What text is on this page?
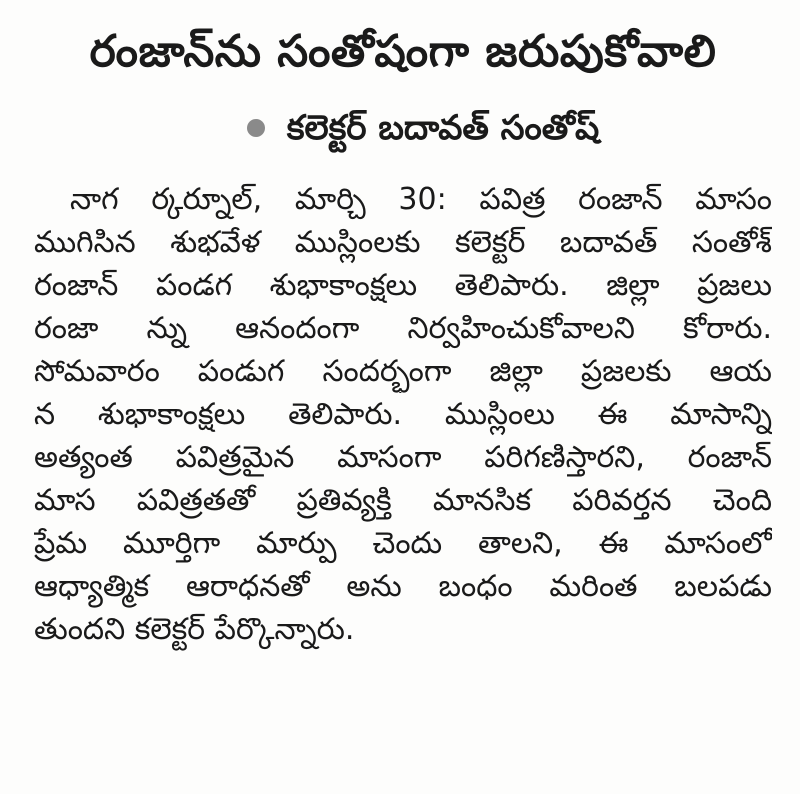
రంజాన్‌ను సంతోషంగా జరుపుకోవాలి
కలెక్టర్ బదావత్ సంతోష్
నాగ ర్కర్నూల్, మార్చి 30: పవిత్ర రంజాన్ మాసం
ముగిసిన శుభవేళ ముస్లింలకు కలెక్టర్ బదావత్ సంతోశ్
రంజాన్ పండగ శుభాకాంక్షలు తెలిపారు. జిల్లా ప్రజలు
రంజా న్ను ఆనందంగా నిర్వహించుకోవాలని కోరారు.
సోమవారం పండుగ సందర్భంగా జిల్లా ప్రజలకు ఆయ
న శుభాకాంక్షలు తెలిపారు. ముస్లింలు ఈ మాసాన్ని
అత్యంత పవిత్రమైన మాసంగా పరిగణిస్తారని, రంజాన్
మాస పవిత్రతతో ప్రతివ్యక్తి మానసిక పరివర్తన చెంది
ప్రేమ మూర్తిగా మార్పు చెందు తాలని, ఈ మాసంలో
ఆధ్యాత్మిక ఆరాధనతో అను బంధం మరింత బలపడు
తుందని కలెక్టర్ పేర్కొన్నారు.
